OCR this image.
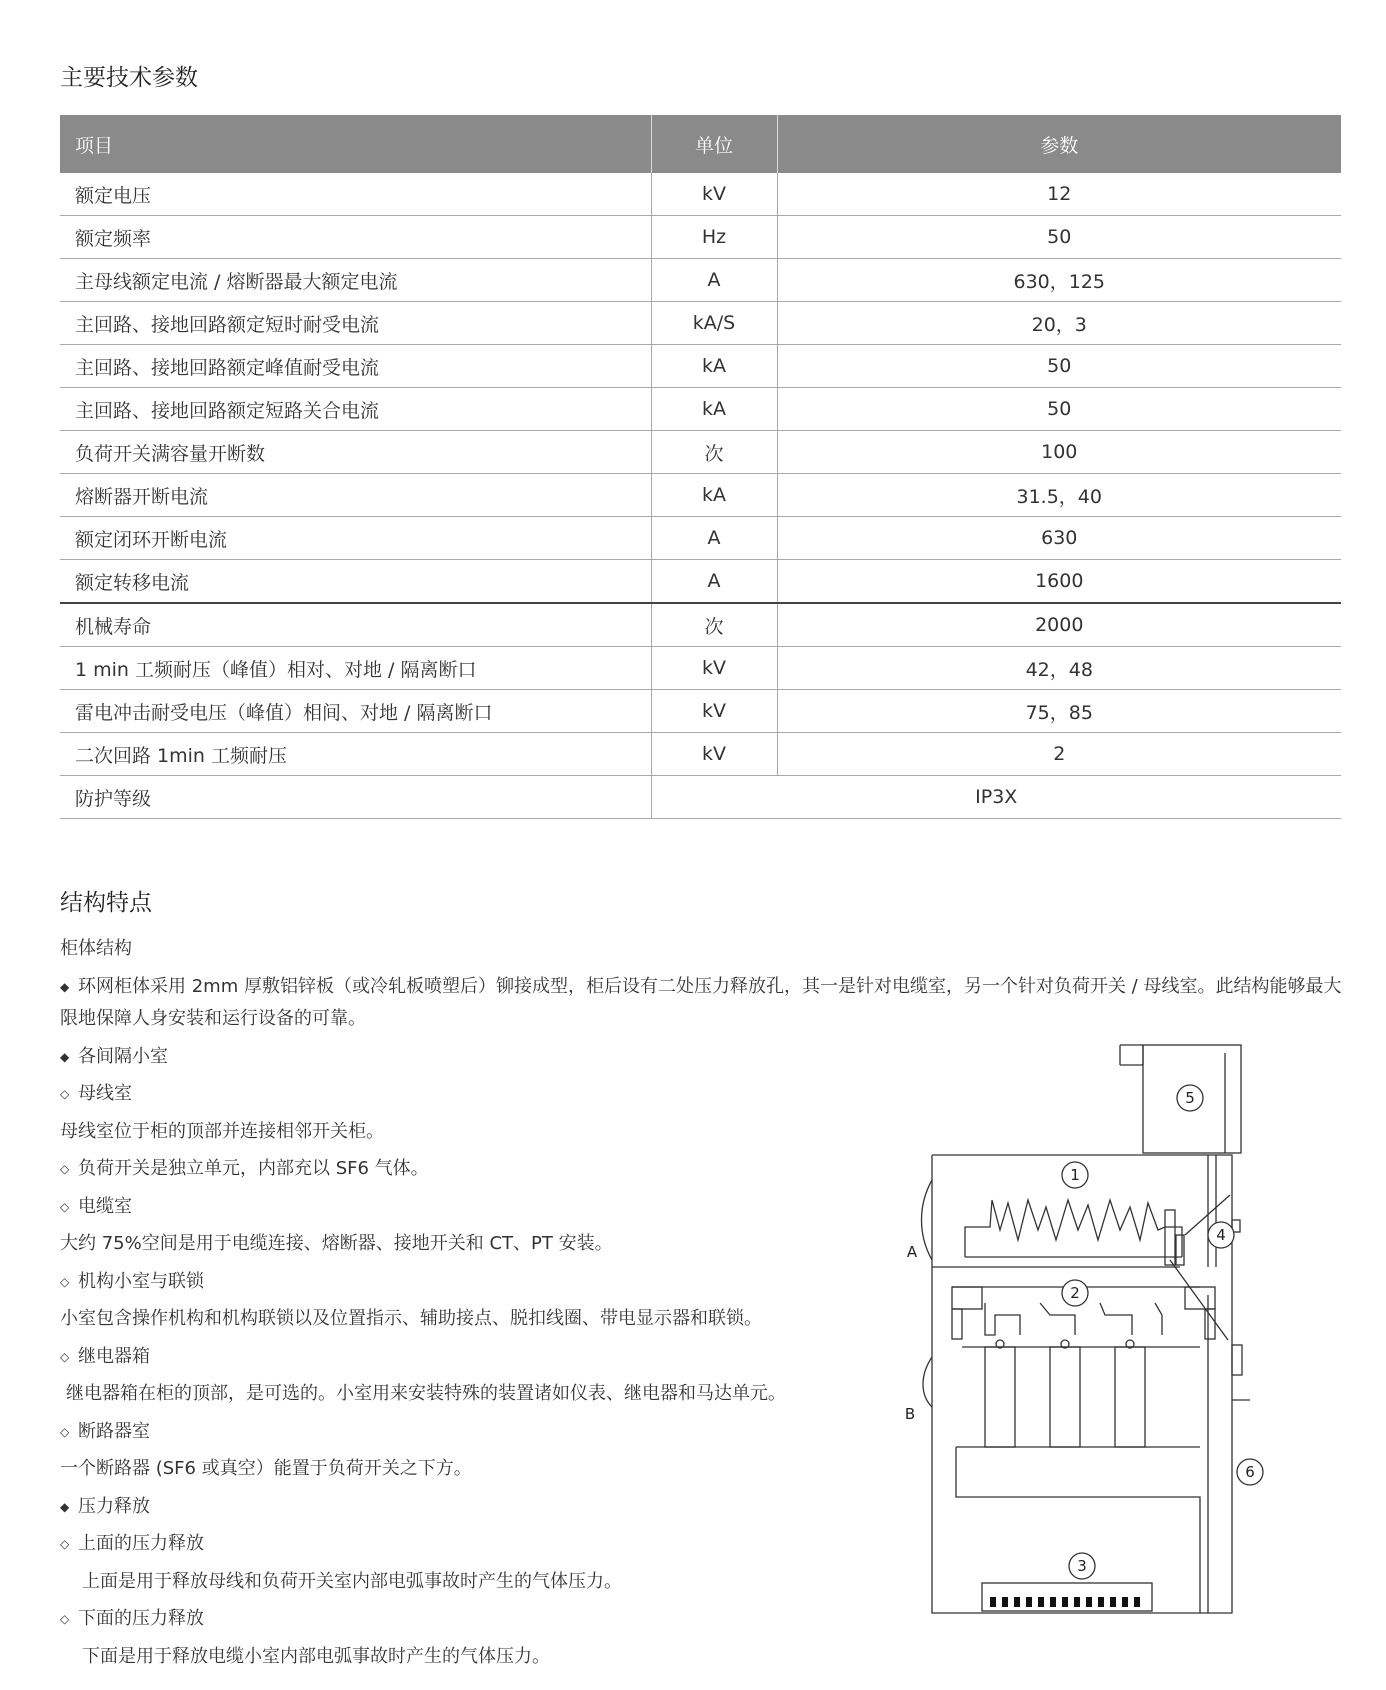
主要技术参数
项目	单位	参数
额定电压	kV	12
额定频率	Hz	50
主母线额定电流 / 熔断器最大额定电流	A	630，125
主回路、接地回路额定短时耐受电流	kA/S	20，3
主回路、接地回路额定峰值耐受电流	kA	50
主回路、接地回路额定短路关合电流	kA	50
负荷开关满容量开断数	次	100
熔断器开断电流	kA	31.5，40
额定闭环开断电流	A	630
额定转移电流	A	1600
机械寿命	次	2000
1 min 工频耐压（峰值）相对、对地 / 隔离断口	kV	42，48
雷电冲击耐受电压（峰值）相间、对地 / 隔离断口	kV	75，85
二次回路 1min 工频耐压	kV	2
防护等级	IP3X	
结构特点

柜体结构

◆ 环网柜体采用 2mm 厚敷铝锌板（或冷轧板喷塑后）铆接成型，柜后设有二处压力释放孔，其一是针对电缆室，另一个针对负荷开关 / 母线室。此结构能够最大限地保障人身安装和运行设备的可靠。

◆ 各间隔小室

◇ 母线室

母线室位于柜的顶部并连接相邻开关柜。

◇ 负荷开关是独立单元，内部充以 SF6 气体。

◇ 电缆室

大约 75%空间是用于电缆连接、熔断器、接地开关和 CT、PT 安装。

◇ 机构小室与联锁

小室包含操作机构和机构联锁以及位置指示、辅助接点、脱扣线圈、带电显示器和联锁。

◇ 继电器箱

继电器箱在柜的顶部，是可选的。小室用来安装特殊的装置诸如仪表、继电器和马达单元。

◇ 断路器室

一个断路器 (SF6 或真空）能置于负荷开关之下方。

◆ 压力释放

◇ 上面的压力释放

上面是用于释放母线和负荷开关室内部电弧事故时产生的气体压力。

◇ 下面的压力释放

下面是用于释放电缆小室内部电弧事故时产生的气体压力。

5
1
4
2
6
3
A
B
